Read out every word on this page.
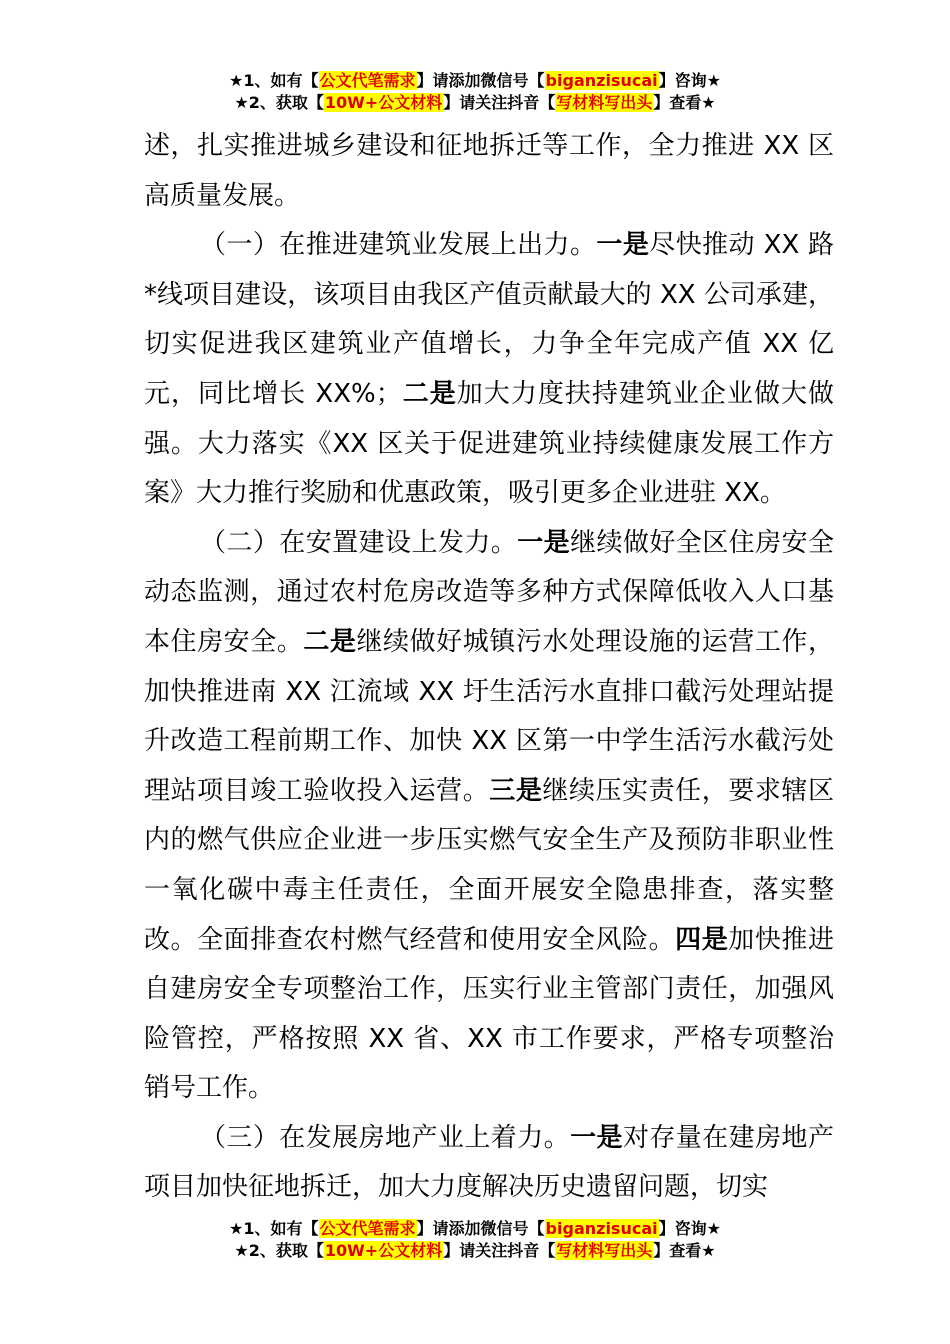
★1、如有【公文代笔需求】请添加微信号【biganzisucai】咨询★
★2、获取【10W+公文材料】请关注抖音【写材料写出头】查看★

述，扎实推进城乡建设和征地拆迁等工作，全力推进 XX 区高质量发展。

（一）在推进建筑业发展上出力。一是尽快推动 XX 路*线项目建设，该项目由我区产值贡献最大的 XX 公司承建，切实促进我区建筑业产值增长，力争全年完成产值 XX 亿元，同比增长 XX%；二是加大力度扶持建筑业企业做大做强。大力落实《XX 区关于促进建筑业持续健康发展工作方案》大力推行奖励和优惠政策，吸引更多企业进驻 XX。

（二）在安置建设上发力。一是继续做好全区住房安全动态监测，通过农村危房改造等多种方式保障低收入人口基本住房安全。二是继续做好城镇污水处理设施的运营工作，加快推进南 XX 江流域 XX 圩生活污水直排口截污处理站提升改造工程前期工作、加快 XX 区第一中学生活污水截污处理站项目竣工验收投入运营。三是继续压实责任，要求辖区内的燃气供应企业进一步压实燃气安全生产及预防非职业性一氧化碳中毒主任责任，全面开展安全隐患排查，落实整改。全面排查农村燃气经营和使用安全风险。四是加快推进自建房安全专项整治工作，压实行业主管部门责任，加强风险管控，严格按照 XX 省、XX 市工作要求，严格专项整治销号工作。

（三）在发展房地产业上着力。一是对存量在建房地产项目加快征地拆迁，加大力度解决历史遗留问题，切实

★1、如有【公文代笔需求】请添加微信号【biganzisucai】咨询★
★2、获取【10W+公文材料】请关注抖音【写材料写出头】查看★
